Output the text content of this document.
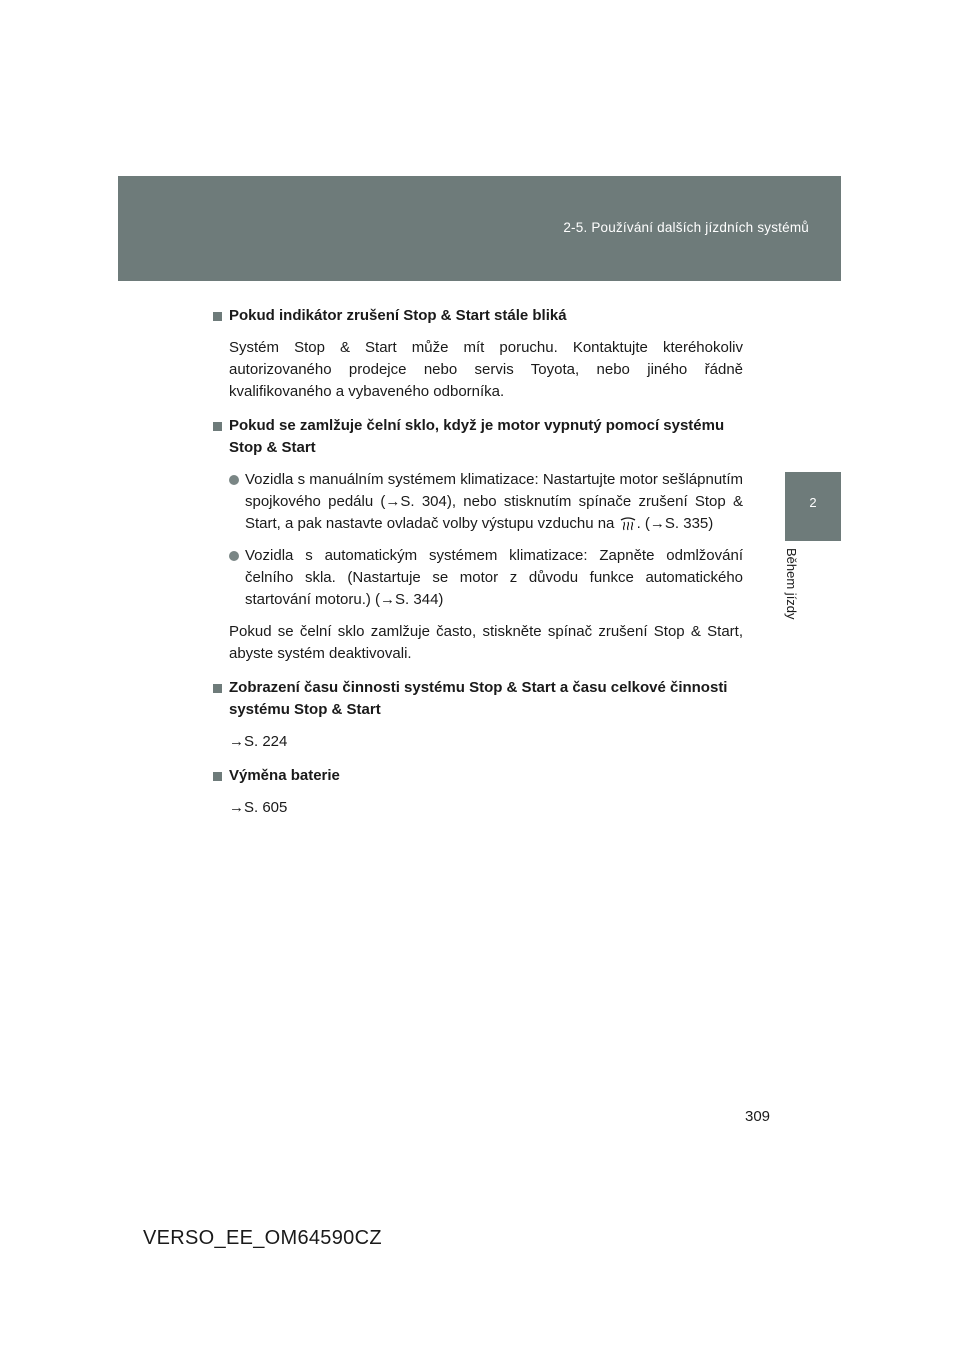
2-5. Používání dalších jízdních systémů
2
Během jízdy

Pokud indikátor zrušení Stop & Start stále bliká

Systém Stop & Start může mít poruchu. Kontaktujte kteréhokoliv autorizovaného prodejce nebo servis Toyota, nebo jiného řádně kvalifikovaného a vybaveného odborníka.

Pokud se zamlžuje čelní sklo, když je motor vypnutý pomocí systému Stop & Start

Vozidla s manuálním systémem klimatizace: Nastartujte motor sešlápnutím spojkového pedálu (→S. 304), nebo stisknutím spínače zrušení Stop & Start, a pak nastavte ovladač volby výstupu vzduchu na . (→S. 335)
Vozidla s automatickým systémem klimatizace: Zapněte odmlžování čelního skla. (Nastartuje se motor z důvodu funkce automatického startování motoru.) (→S. 344)

Pokud se čelní sklo zamlžuje často, stiskněte spínač zrušení Stop & Start, abyste systém deaktivovali.

Zobrazení času činnosti systému Stop & Start a času celkové činnosti systému Stop & Start

→S. 224

Výměna baterie

→S. 605

309
VERSO_EE_OM64590CZ
